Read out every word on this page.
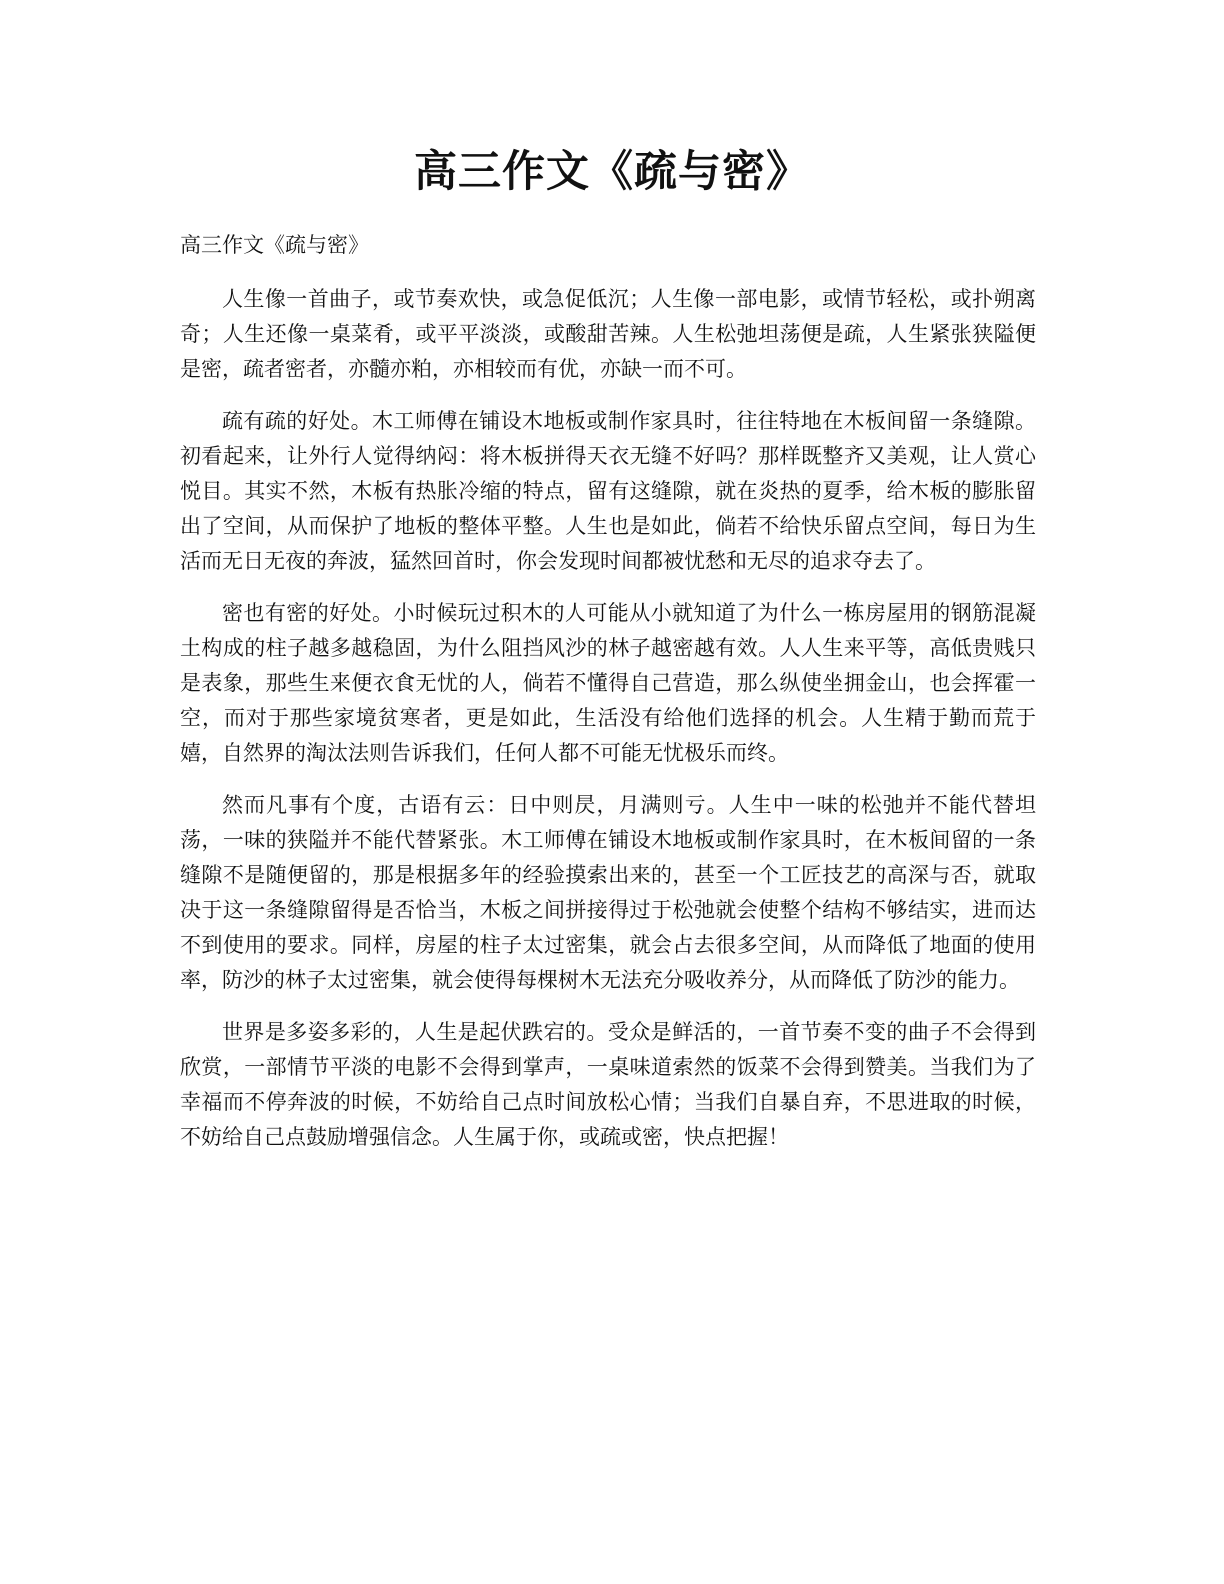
高三作文《疏与密》

高三作文《疏与密》

人生像一首曲子，或节奏欢快，或急促低沉；人生像一部电影，或情节轻松，或扑朔离奇；人生还像一桌菜肴，或平平淡淡，或酸甜苦辣。人生松弛坦荡便是疏，人生紧张狭隘便是密，疏者密者，亦髓亦粕，亦相较而有优，亦缺一而不可。

疏有疏的好处。木工师傅在铺设木地板或制作家具时，往往特地在木板间留一条缝隙。初看起来，让外行人觉得纳闷：将木板拼得天衣无缝不好吗？那样既整齐又美观，让人赏心悦目。其实不然，木板有热胀冷缩的特点，留有这缝隙，就在炎热的夏季，给木板的膨胀留出了空间，从而保护了地板的整体平整。人生也是如此，倘若不给快乐留点空间，每日为生活而无日无夜的奔波，猛然回首时，你会发现时间都被忧愁和无尽的追求夺去了。

密也有密的好处。小时候玩过积木的人可能从小就知道了为什么一栋房屋用的钢筋混凝土构成的柱子越多越稳固，为什么阻挡风沙的林子越密越有效。人人生来平等，高低贵贱只是表象，那些生来便衣食无忧的人，倘若不懂得自己营造，那么纵使坐拥金山，也会挥霍一空，而对于那些家境贫寒者，更是如此，生活没有给他们选择的机会。人生精于勤而荒于嬉，自然界的淘汰法则告诉我们，任何人都不可能无忧极乐而终。

然而凡事有个度，古语有云：日中则昃，月满则亏。人生中一味的松弛并不能代替坦荡，一味的狭隘并不能代替紧张。木工师傅在铺设木地板或制作家具时，在木板间留的一条缝隙不是随便留的，那是根据多年的经验摸索出来的，甚至一个工匠技艺的高深与否，就取决于这一条缝隙留得是否恰当，木板之间拼接得过于松弛就会使整个结构不够结实，进而达不到使用的要求。同样，房屋的柱子太过密集，就会占去很多空间，从而降低了地面的使用率，防沙的林子太过密集，就会使得每棵树木无法充分吸收养分，从而降低了防沙的能力。

世界是多姿多彩的，人生是起伏跌宕的。受众是鲜活的，一首节奏不变的曲子不会得到欣赏，一部情节平淡的电影不会得到掌声，一桌味道索然的饭菜不会得到赞美。当我们为了幸福而不停奔波的时候，不妨给自己点时间放松心情；当我们自暴自弃，不思进取的时候，不妨给自己点鼓励增强信念。人生属于你，或疏或密，快点把握！
